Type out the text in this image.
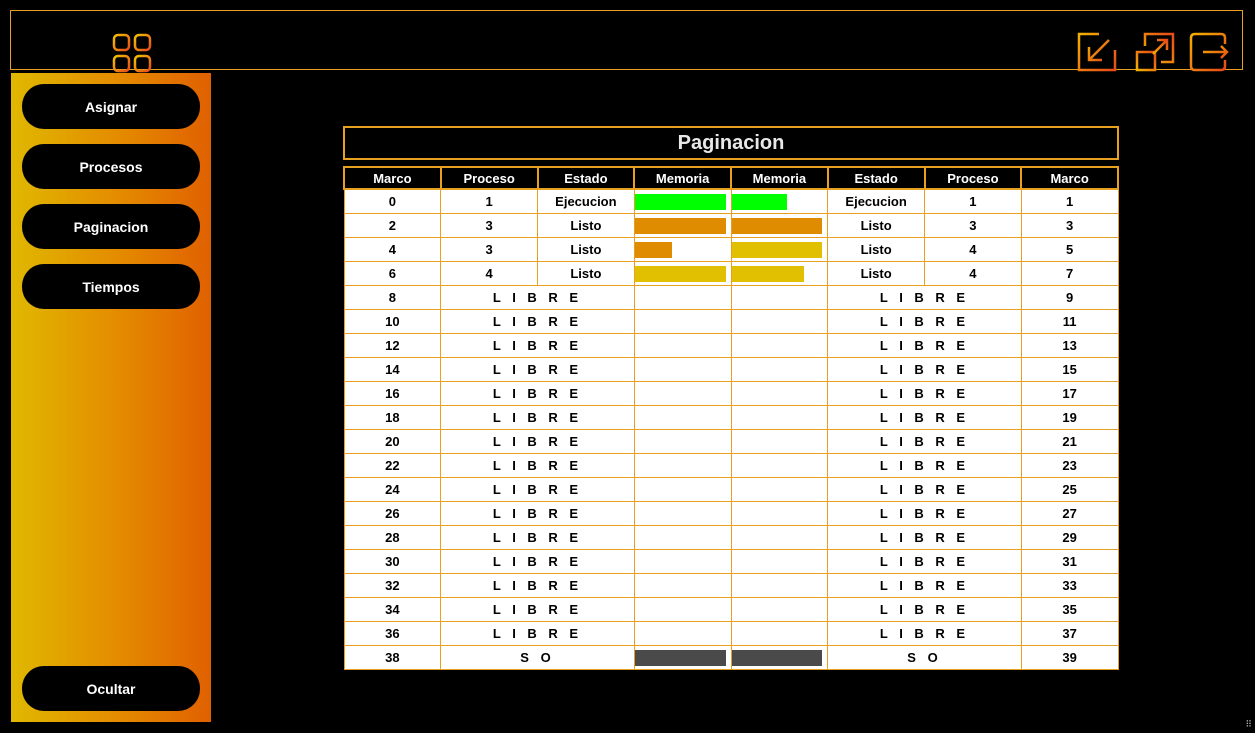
Asignar
Procesos
Paginacion
Tiempos
Ocultar
Paginacion
Marco	Proceso	Estado	Memoria	Memoria	Estado	Proceso	Marco
0	1	Ejecucion			Ejecucion	1	1
2	3	Listo			Listo	3	3
4	3	Listo			Listo	4	5
6	4	Listo			Listo	4	7
8	L I B R E				L I B R E		9
10	L I B R E				L I B R E		11
12	L I B R E				L I B R E		13
14	L I B R E				L I B R E		15
16	L I B R E				L I B R E		17
18	L I B R E				L I B R E		19
20	L I B R E				L I B R E		21
22	L I B R E				L I B R E		23
24	L I B R E				L I B R E		25
26	L I B R E				L I B R E		27
28	L I B R E				L I B R E		29
30	L I B R E				L I B R E		31
32	L I B R E				L I B R E		33
34	L I B R E				L I B R E		35
36	L I B R E				L I B R E		37
38	S O				S O		39
⠿
